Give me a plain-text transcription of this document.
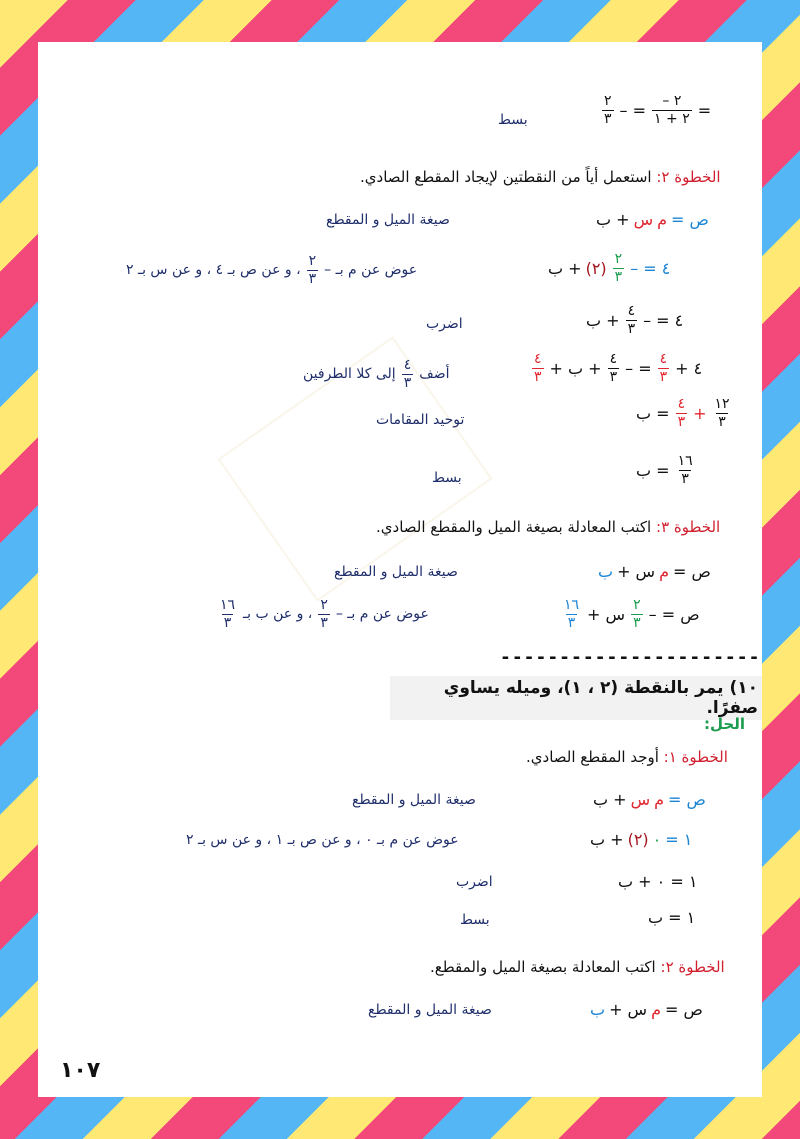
=
$\frac{٢ -}{٢ + ١}$
= –
$\frac{٢}{٣}$
بسط
الخطوة ٢: استعمل أياً من النقطتين لإيجاد المقطع الصادي.
ص =
م
س
+ ب
صيغة الميل و المقطع
٤ = –
$\frac{٢}{٣}$
(٢)
+ ب
عوض عن م بـ –
$\frac{٢}{٣}$
، و عن ص بـ ٤ ، و عن س بـ ٢
٤ = –
$\frac{٤}{٣}$
+ ب
اضرب
٤ +
$\frac{٤}{٣}$
= –
$\frac{٤}{٣}$
+ ب +
$\frac{٤}{٣}$
أضف
$\frac{٤}{٣}$
إلى كلا الطرفين
$\frac{١٢}{٣}$
+
$\frac{٤}{٣}$
= ب
توحيد المقامات
$\frac{١٦}{٣}$
= ب
بسط
الخطوة ٣: اكتب المعادلة بصيغة الميل والمقطع الصادي.
ص =
م
س +
ب
صيغة الميل و المقطع
ص = –
$\frac{٢}{٣}$
س +
$\frac{١٦}{٣}$
عوض عن م بـ –
$\frac{٢}{٣}$
، و عن ب بـ
$\frac{١٦}{٣}$
----------------------
١٠) يمر بالنقطة (٢ ، ١)، وميله يساوي صفرًا.
الحل:
الخطوة ١: أوجد المقطع الصادي.
ص =
م
س
+ ب
صيغة الميل و المقطع
١ =
٠
(٢)
+ ب
عوض عن م بـ ٠ ، و عن ص بـ ١ ، و عن س بـ ٢
١ = ٠ + ب
اضرب
١ = ب
بسط
الخطوة ٢: اكتب المعادلة بصيغة الميل والمقطع.
ص =
م
س +
ب
صيغة الميل و المقطع
١٠٧
